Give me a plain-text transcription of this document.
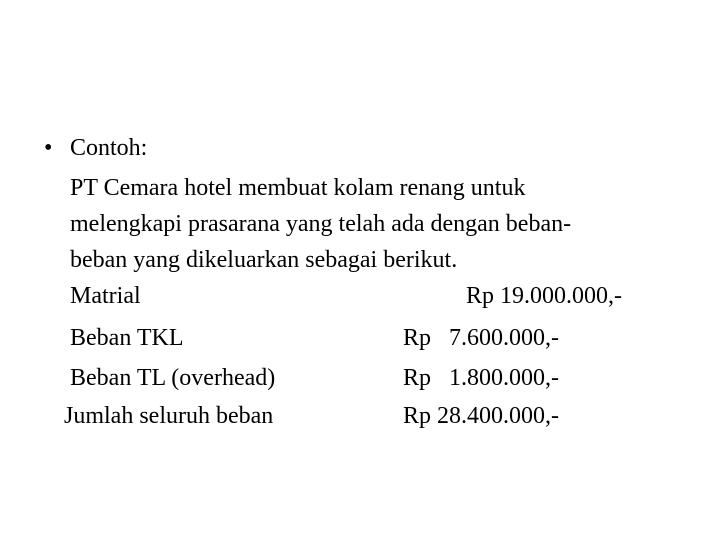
• Contoh:
PT Cemara hotel membuat kolam renang untuk
melengkapi prasarana yang telah ada dengan beban-
beban yang dikeluarkan sebagai berikut.
Matrial	Rp 19.000.000,-
Beban TKL	Rp   7.600.000,-
Beban TL (overhead)	Rp   1.800.000,-
Jumlah seluruh beban	Rp 28.400.000,-
